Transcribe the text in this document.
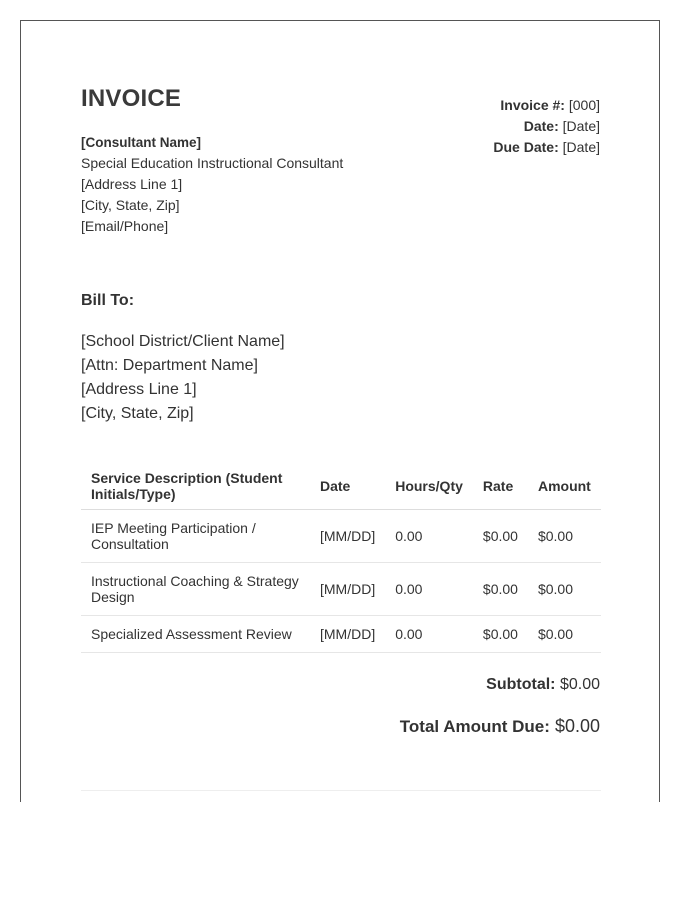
INVOICE
[Consultant Name]
Special Education Instructional Consultant
[Address Line 1]
[City, State, Zip]
[Email/Phone]
Invoice #: [000]
Date: [Date]
Due Date: [Date]
Bill To:
[School District/Client Name]
[Attn: Department Name]
[Address Line 1]
[City, State, Zip]
Service Description (Student Initials/Type)	Date	Hours/Qty	Rate	Amount
IEP Meeting Participation / Consultation	[MM/DD]	0.00	$0.00	$0.00
Instructional Coaching & Strategy Design	[MM/DD]	0.00	$0.00	$0.00
Specialized Assessment Review	[MM/DD]	0.00	$0.00	$0.00
Subtotal: $0.00
Total Amount Due: $0.00
